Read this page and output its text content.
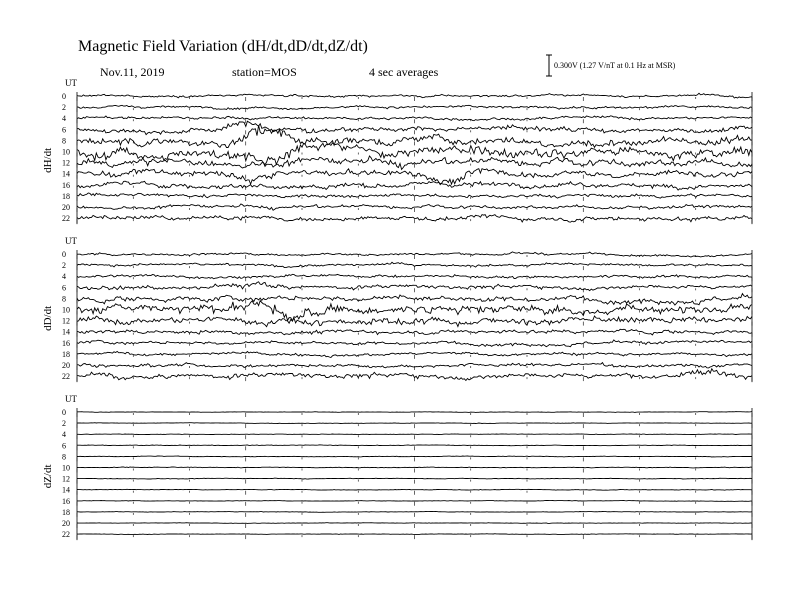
Magnetic Field Variation (dH/dt,dD/dt,dZ/dt)
Nov.11, 2019	station=MOS	4 sec averages	0.300V (1.27 V/nT at 0.1 Hz at MSR)
UT
dH/dt
0
2
4
6
8
10
12
14
16
18
20
22
UT
dD/dt
0
2
4
6
8
10
12
14
16
18
20
22
UT
dZ/dt
0
2
4
6
8
10
12
14
16
18
20
22
